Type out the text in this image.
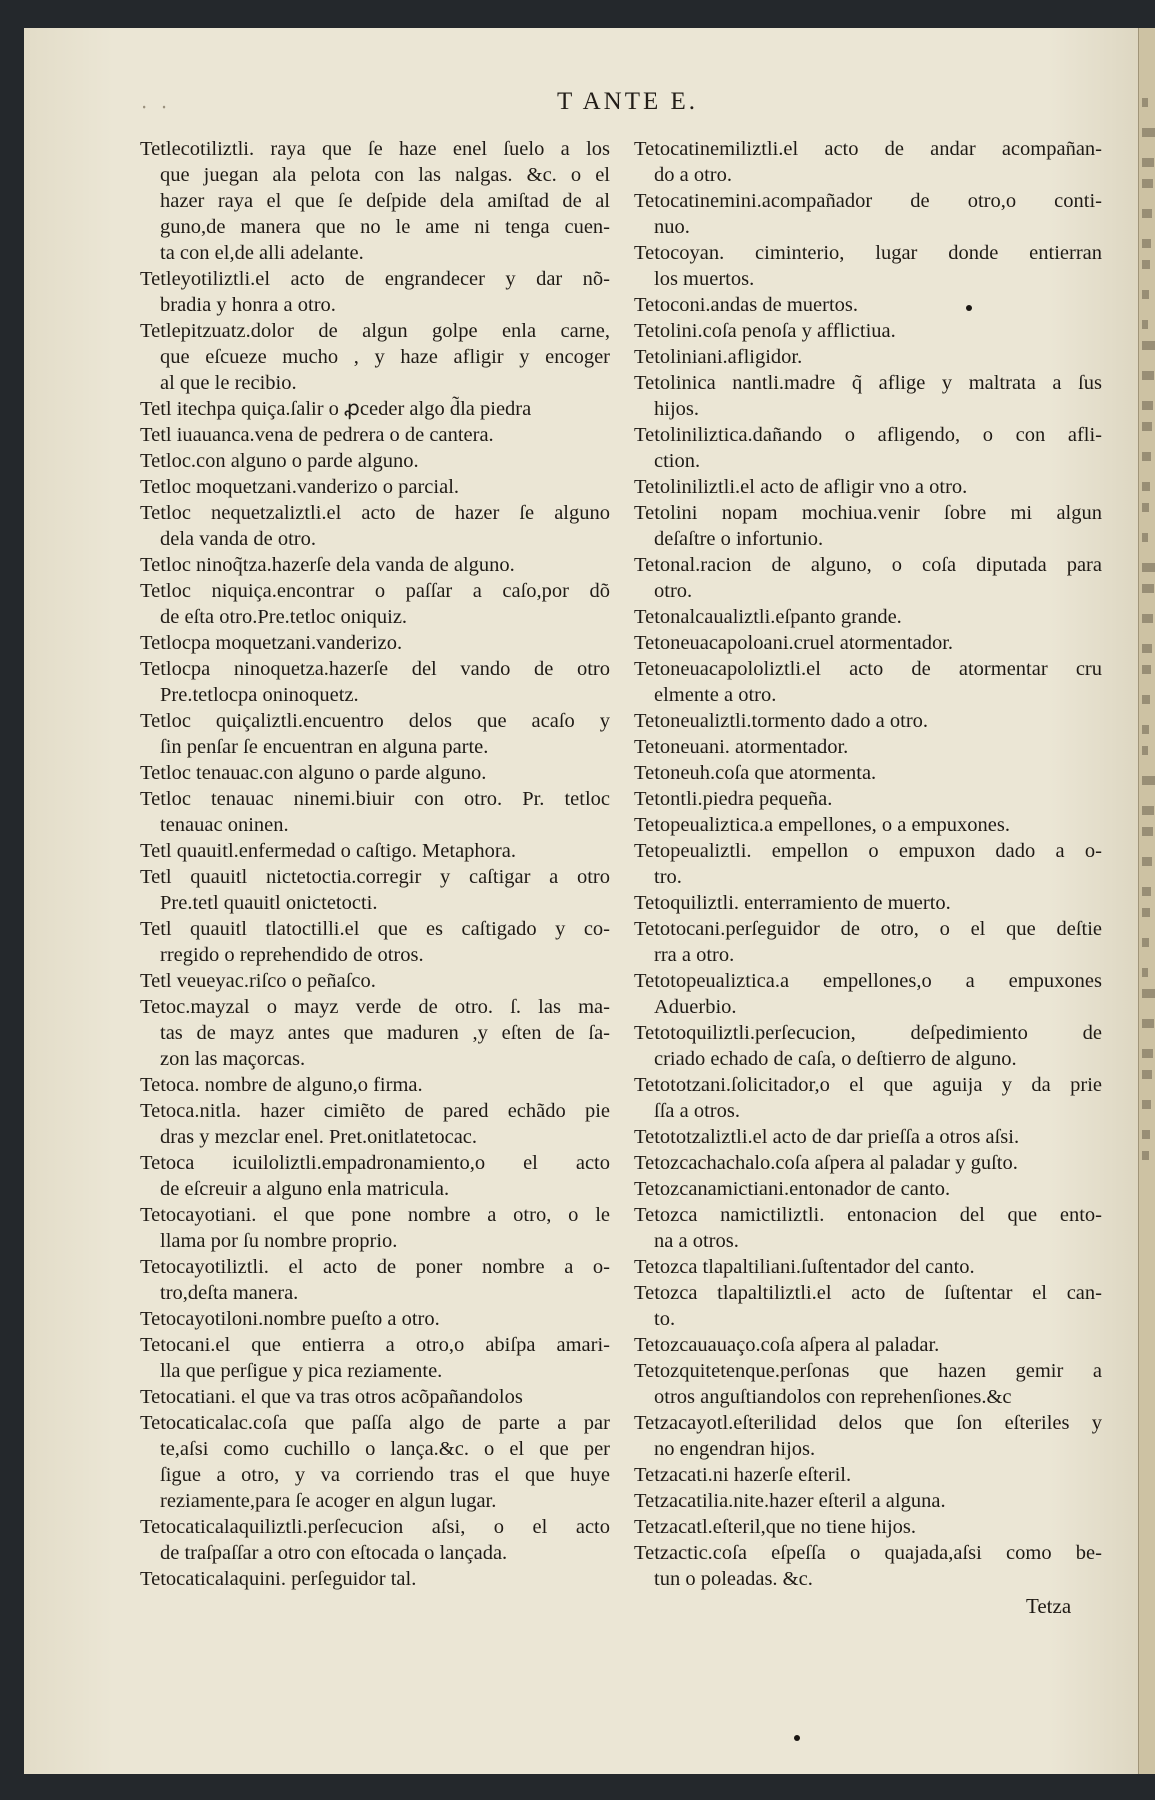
ꞏ ꞏ	T ANTE E.
Tetlecotiliztli. raya que ſe haze enel ſuelo a los
que juegan ala pelota con las nalgas. &c. o el
hazer raya el que ſe deſpide dela amiſtad de al
guno,de manera que no le ame ni tenga cuen-
ta con el,de alli adelante.
Tetleyotiliztli.el acto de engrandecer y dar nõ-
bradia y honra a otro.
Tetlepitzuatz.dolor de algun golpe enla carne,
que eſcueze mucho , y haze afligir y encoger
al que le recibio.
Tetl itechpa quiça.ſalir o ꝓceder algo d̃la piedra
Tetl iuauanca.vena de pedrera o de cantera.
Tetloc.con alguno o parde alguno.
Tetloc moquetzani.vanderizo o parcial.
Tetloc nequetzaliztli.el acto de hazer ſe alguno
dela vanda de otro.
Tetloc ninoq̃tza.hazerſe dela vanda de alguno.
Tetloc niquiça.encontrar o paſſar a caſo,por dõ
de eſta otro.Pre.tetloc oniquiz.
Tetlocpa moquetzani.vanderizo.
Tetlocpa ninoquetza.hazerſe del vando de otro
Pre.tetlocpa oninoquetz.
Tetloc quiçaliztli.encuentro delos que acaſo y
ſin penſar ſe encuentran en alguna parte.
Tetloc tenauac.con alguno o parde alguno.
Tetloc tenauac ninemi.biuir con otro. Pr. tetloc
tenauac oninen.
Tetl quauitl.enfermedad o caſtigo. Metaphora.
Tetl quauitl nictetoctia.corregir y caſtigar a otro
Pre.tetl quauitl onictetocti.
Tetl quauitl tlatoctilli.el que es caſtigado y co-
rregido o reprehendido de otros.
Tetl veueyac.riſco o peñaſco.
Tetoc.mayzal o mayz verde de otro. ſ. las ma-
tas de mayz antes que maduren ,y eſten de ſa-
zon las maçorcas.
Tetoca. nombre de alguno,o firma.
Tetoca.nitla. hazer cimiẽto de pared echãdo pie
dras y mezclar enel. Pret.onitlatetocac.
Tetoca icuiloliztli.empadronamiento,o el acto
de eſcreuir a alguno enla matricula.
Tetocayotiani. el que pone nombre a otro, o le
llama por ſu nombre proprio.
Tetocayotiliztli. el acto de poner nombre a o-
tro,deſta manera.
Tetocayotiloni.nombre pueſto a otro.
Tetocani.el que entierra a otro,o abiſpa amari-
lla que perſigue y pica reziamente.
Tetocatiani. el que va tras otros acõpañandolos
Tetocaticalac.coſa que paſſa algo de parte a par
te,aſsi como cuchillo o lança.&c. o el que per
ſigue a otro, y va corriendo tras el que huye
reziamente,para ſe acoger en algun lugar.
Tetocaticalaquiliztli.perſecucion aſsi, o el acto
de traſpaſſar a otro con eſtocada o lançada.
Tetocaticalaquini. perſeguidor tal.
Tetocatinemiliztli.el acto de andar acompañan-
do a otro.
Tetocatinemini.acompañador de otro,o conti-
nuo.
Tetocoyan. ciminterio, lugar donde entierran
los muertos.
Tetoconi.andas de muertos.
Tetolini.coſa penoſa y afflictiua.
Tetoliniani.afligidor.
Tetolinica nantli.madre q̃ aflige y maltrata a ſus
hijos.
Tetoliniliztica.dañando o afligendo, o con afli-
ction.
Tetoliniliztli.el acto de afligir vno a otro.
Tetolini nopam mochiua.venir ſobre mi algun
deſaſtre o infortunio.
Tetonal.racion de alguno, o coſa diputada para
otro.
Tetonalcaualiztli.eſpanto grande.
Tetoneuacapoloani.cruel atormentador.
Tetoneuacapololiztli.el acto de atormentar cru
elmente a otro.
Tetoneualiztli.tormento dado a otro.
Tetoneuani. atormentador.
Tetoneuh.coſa que atormenta.
Tetontli.piedra pequeña.
Tetopeualiztica.a empellones, o a empuxones.
Tetopeualiztli. empellon o empuxon dado a o-
tro.
Tetoquiliztli. enterramiento de muerto.
Tetotocani.perſeguidor de otro, o el que deſtie
rra a otro.
Tetotopeualiztica.a empellones,o a empuxones
Aduerbio.
Tetotoquiliztli.perſecucion, deſpedimiento de
criado echado de caſa, o deſtierro de alguno.
Tetototzani.ſolicitador,o el que aguija y da prie
ſſa a otros.
Tetototzaliztli.el acto de dar prieſſa a otros aſsi.
Tetozcachachalo.coſa aſpera al paladar y guſto.
Tetozcanamictiani.entonador de canto.
Tetozca namictiliztli. entonacion del que ento-
na a otros.
Tetozca tlapaltiliani.ſuſtentador del canto.
Tetozca tlapaltiliztli.el acto de ſuſtentar el can-
to.
Tetozcauauaço.coſa aſpera al paladar.
Tetozquitetenque.perſonas que hazen gemir a
otros anguſtiandolos con reprehenſiones.&c
Tetzacayotl.eſterilidad delos que ſon eſteriles y
no engendran hijos.
Tetzacati.ni hazerſe eſteril.
Tetzacatilia.nite.hazer eſteril a alguna.
Tetzacatl.eſteril,que no tiene hijos.
Tetzactic.coſa eſpeſſa o quajada,aſsi como be-
tun o poleadas. &c.
Tetza
